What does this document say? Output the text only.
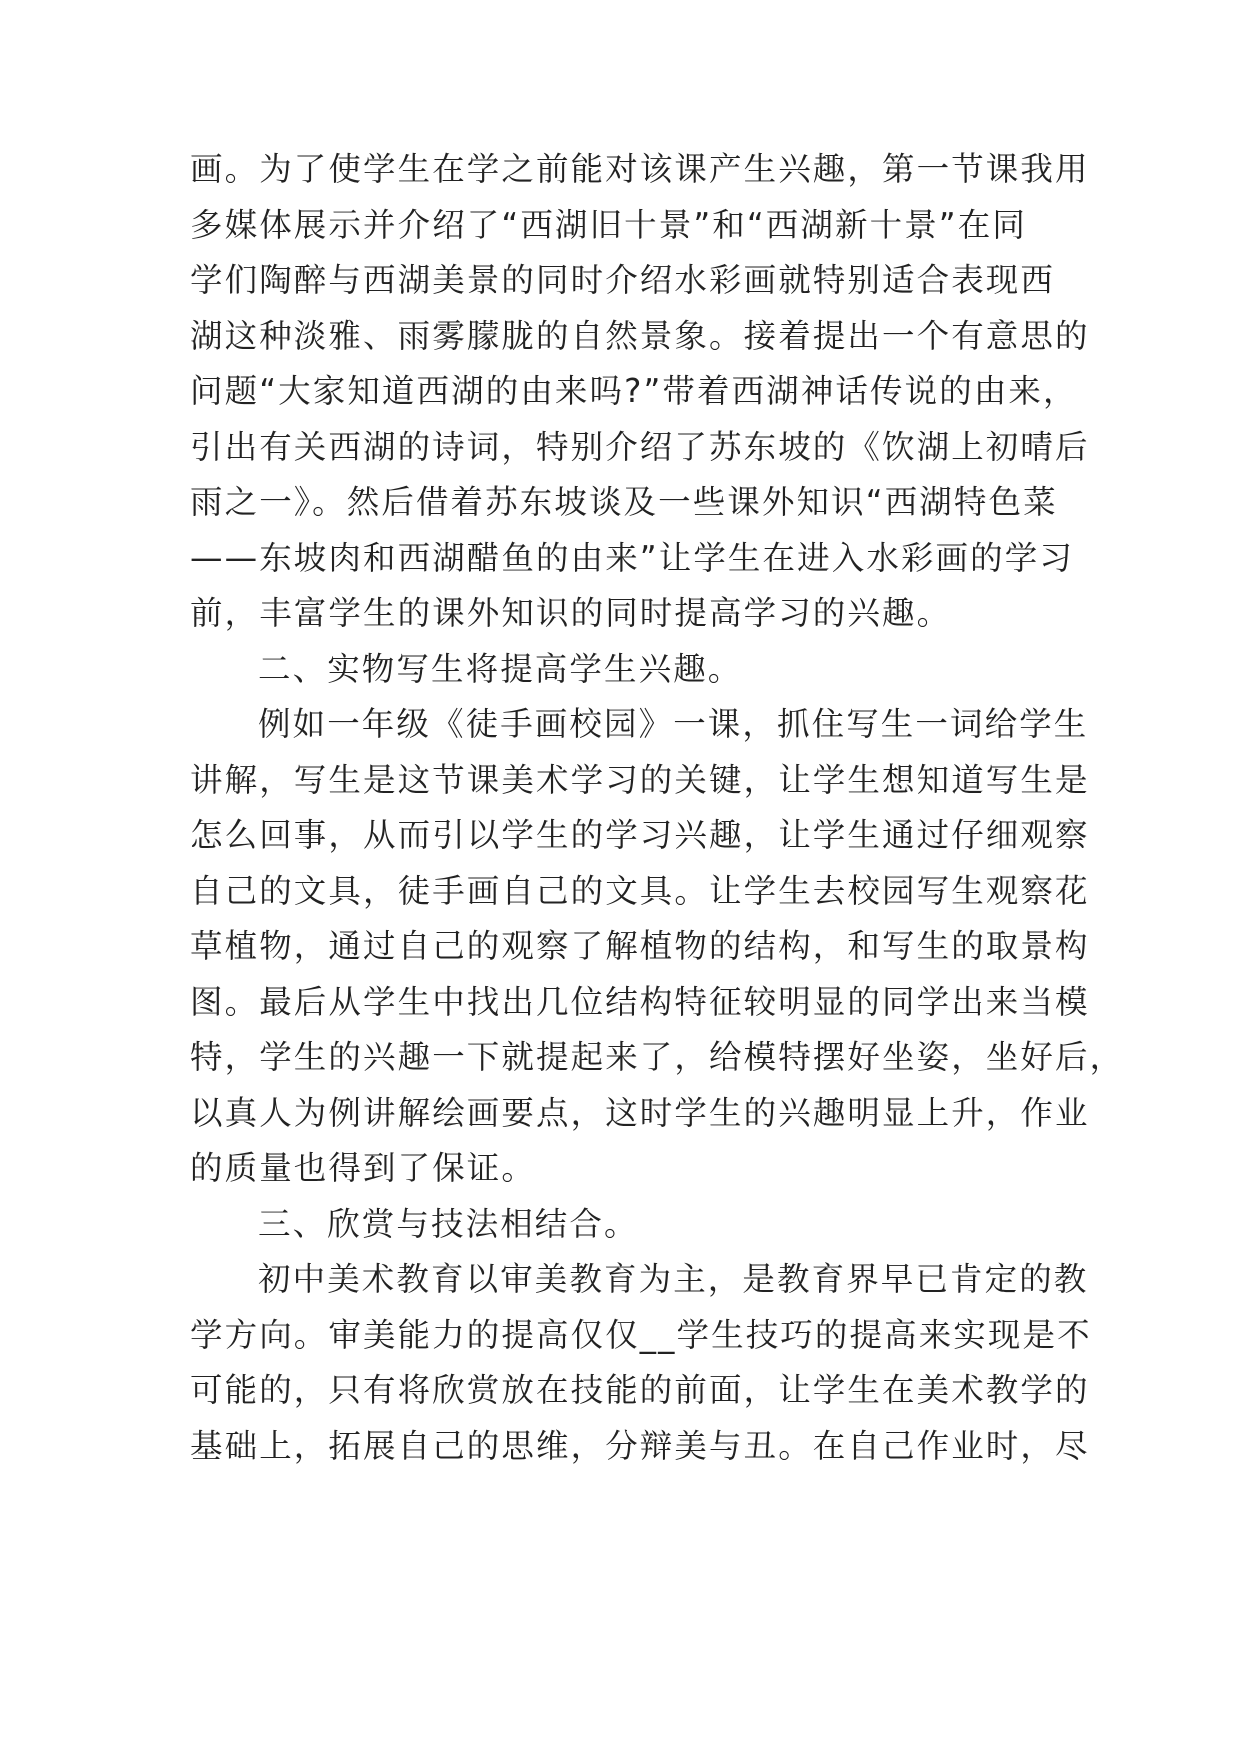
画。为了使学生在学之前能对该课产生兴趣，第一节课我用
多媒体展示并介绍了“西湖旧十景”和“西湖新十景”在同
学们陶醉与西湖美景的同时介绍水彩画就特别适合表现西
湖这种淡雅、雨雾朦胧的自然景象。接着提出一个有意思的
问题“大家知道西湖的由来吗?”带着西湖神话传说的由来，
引出有关西湖的诗词，特别介绍了苏东坡的《饮湖上初晴后
雨之一》。然后借着苏东坡谈及一些课外知识“西湖特色菜
——东坡肉和西湖醋鱼的由来”让学生在进入水彩画的学习
前，丰富学生的课外知识的同时提高学习的兴趣。
二、实物写生将提高学生兴趣。
例如一年级《徒手画校园》一课，抓住写生一词给学生
讲解，写生是这节课美术学习的关键，让学生想知道写生是
怎么回事，从而引以学生的学习兴趣，让学生通过仔细观察
自己的文具，徒手画自己的文具。让学生去校园写生观察花
草植物，通过自己的观察了解植物的结构，和写生的取景构
图。最后从学生中找出几位结构特征较明显的同学出来当模
特，学生的兴趣一下就提起来了，给模特摆好坐姿，坐好后，
以真人为例讲解绘画要点，这时学生的兴趣明显上升，作业
的质量也得到了保证。
三、欣赏与技法相结合。
初中美术教育以审美教育为主，是教育界早已肯定的教
学方向。审美能力的提高仅仅__学生技巧的提高来实现是不
可能的，只有将欣赏放在技能的前面，让学生在美术教学的
基础上，拓展自己的思维，分辩美与丑。在自己作业时，尽
